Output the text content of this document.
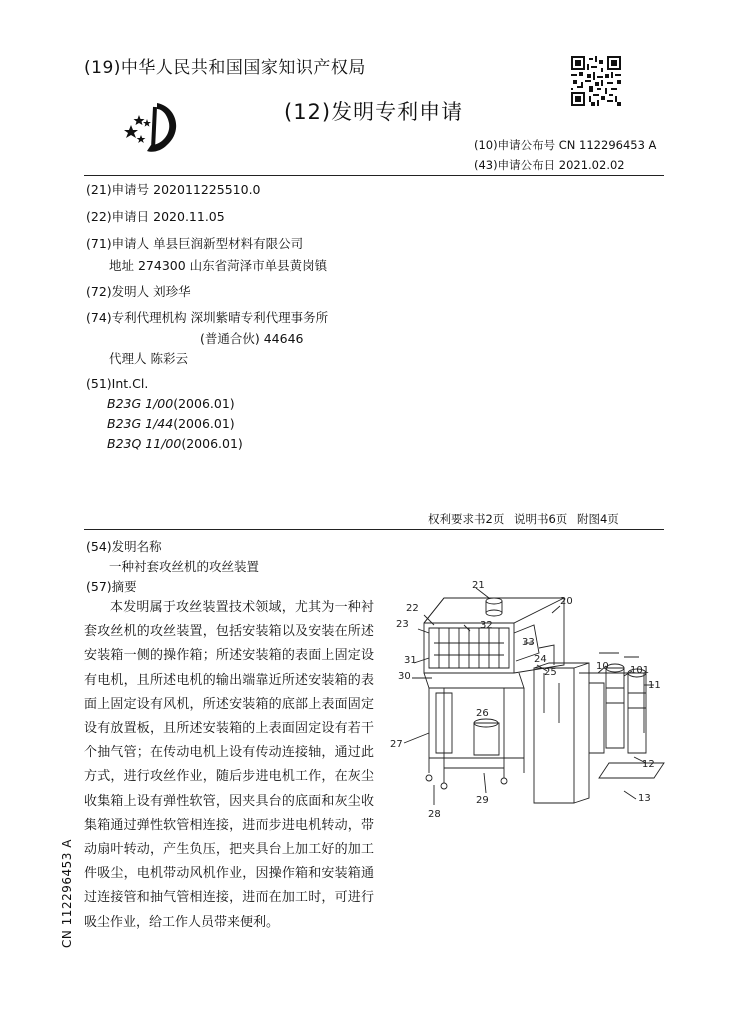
(19)中华人民共和国国家知识产权局
(12)发明专利申请
(10)申请公布号 CN 112296453 A
(43)申请公布日 2021.02.02
(21)申请号 202011225510.0
(22)申请日 2020.11.05
(71)申请人 单县巨润新型材料有限公司
地址 274300 山东省菏泽市单县黄岗镇
(72)发明人 刘珍华
(74)专利代理机构 深圳紫晴专利代理事务所
(普通合伙) 44646
代理人 陈彩云
(51)Int.Cl.
B23G 1/00(2006.01)
B23G 1/44(2006.01)
B23Q 11/00(2006.01)
权利要求书2页 说明书6页 附图4页
(54)发明名称
一种衬套攻丝机的攻丝装置
(57)摘要
本发明属于攻丝装置技术领域，尤其为一种衬套攻丝机的攻丝装置，包括安装箱以及安装在所述安装箱一侧的操作箱；所述安装箱的表面上固定设有电机，且所述电机的输出端靠近所述安装箱的表面上固定设有风机，所述安装箱的底部上表面固定设有放置板，且所述安装箱的上表面固定设有若干个抽气管；在传动电机上设有传动连接轴，通过此方式，进行攻丝作业，随后步进电机工作，在灰尘收集箱上设有弹性软管，因夹具台的底面和灰尘收集箱通过弹性软管相连接，进而步进电机转动，带动扇叶转动，产生负压，把夹具台上加工好的加工件吸尘，电机带动风机作业，因操作箱和安装箱通过连接管和抽气管相连接，进而在加工时，可进行吸尘作业，给工作人员带来便利。
CN 112296453 A
21
20
22
32
23
33
24
31
25
30
26
10 101
11
27
12
13
28
29
